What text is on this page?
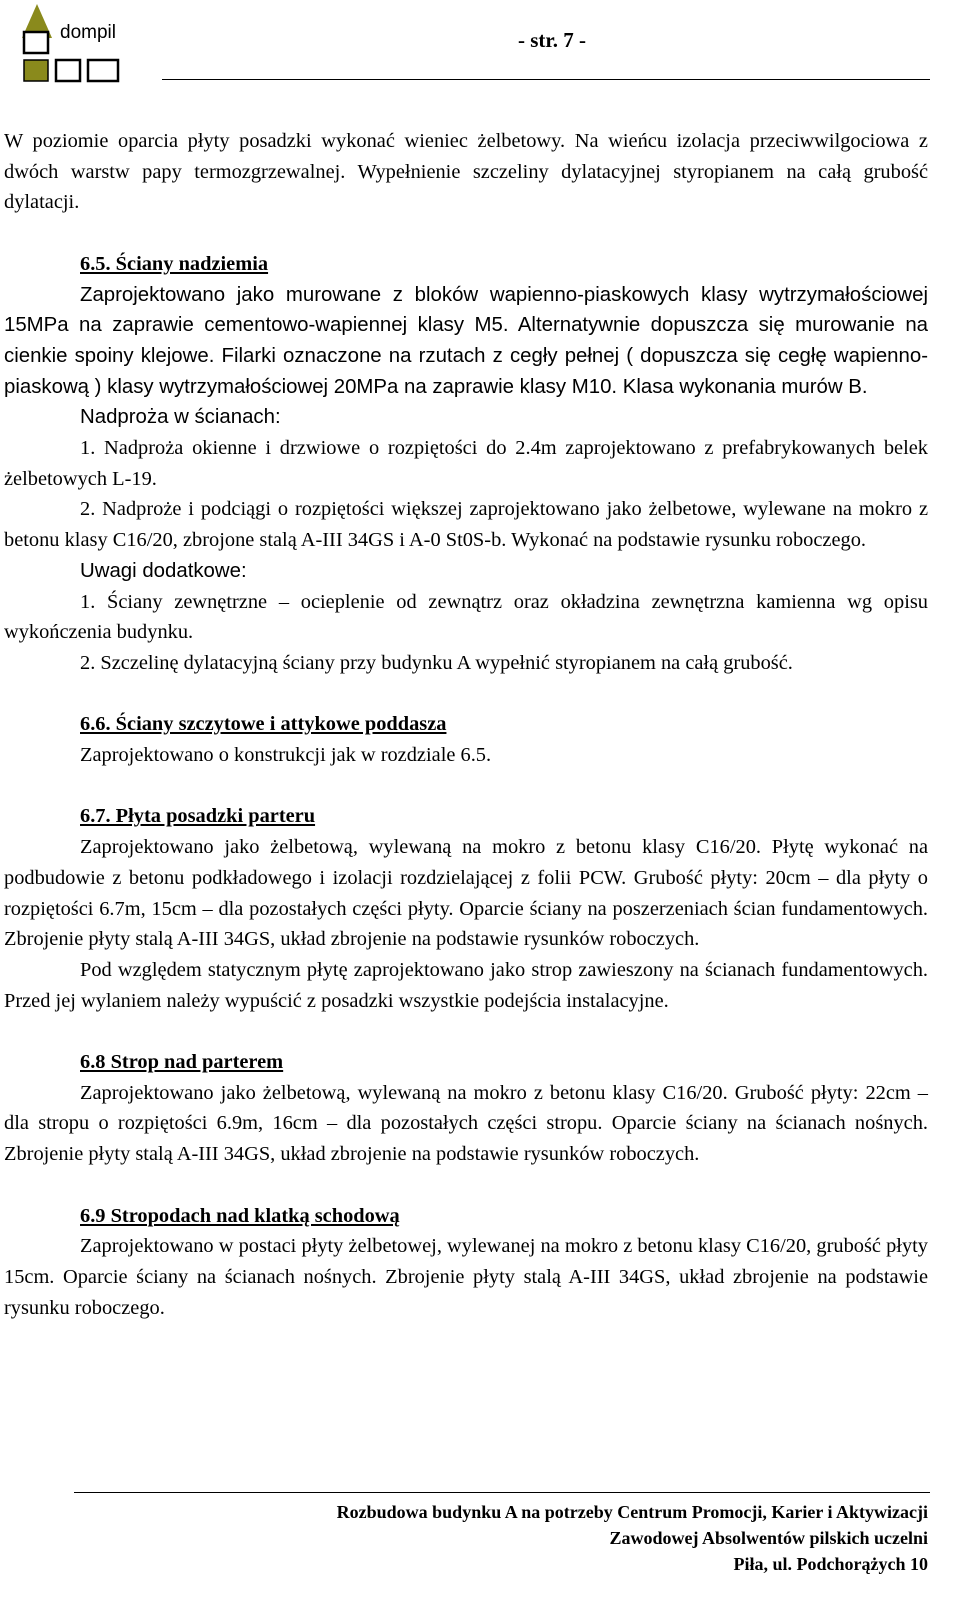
dompil	- str. 7 -

W poziomie oparcia płyty posadzki wykonać wieniec żelbetowy. Na wieńcu izolacja przeciwwilgociowa z dwóch warstw papy termozgrzewalnej. Wypełnienie szczeliny dylatacyjnej styropianem na całą grubość dylatacji.

6.5. Ściany nadziemia

Zaprojektowano jako murowane z bloków wapienno-piaskowych klasy wytrzymałościowej 15MPa na zaprawie cementowo-wapiennej klasy M5. Alternatywnie dopuszcza się murowanie na cienkie spoiny klejowe. Filarki oznaczone na rzutach z cegły pełnej ( dopuszcza się cegłę wapienno-piaskową ) klasy wytrzymałościowej 20MPa na zaprawie klasy M10. Klasa wykonania murów B.

Nadproża w ścianach:

1. Nadproża okienne i drzwiowe o rozpiętości do 2.4m zaprojektowano z prefabrykowanych belek żelbetowych L-19.

2. Nadproże i podciągi o rozpiętości większej zaprojektowano jako żelbetowe, wylewane na mokro z betonu klasy C16/20, zbrojone stalą A-III 34GS i A-0 St0S-b. Wykonać na podstawie rysunku roboczego.

Uwagi dodatkowe:

1. Ściany zewnętrzne – ocieplenie od zewnątrz oraz okładzina zewnętrzna kamienna wg opisu wykończenia budynku.

2. Szczelinę dylatacyjną ściany przy budynku A wypełnić styropianem na całą grubość.

6.6. Ściany szczytowe i attykowe poddasza

Zaprojektowano o konstrukcji jak w rozdziale 6.5.

6.7. Płyta posadzki parteru

Zaprojektowano jako żelbetową, wylewaną na mokro z betonu klasy C16/20. Płytę wykonać na podbudowie z betonu podkładowego i izolacji rozdzielającej z folii PCW. Grubość płyty: 20cm – dla płyty o rozpiętości 6.7m, 15cm – dla pozostałych części płyty. Oparcie ściany na poszerzeniach ścian fundamentowych. Zbrojenie płyty stalą A-III 34GS, układ zbrojenie na podstawie rysunków roboczych.

Pod względem statycznym płytę zaprojektowano jako strop zawieszony na ścianach fundamentowych. Przed jej wylaniem należy wypuścić z posadzki wszystkie podejścia instalacyjne.

6.8 Strop nad parterem

Zaprojektowano jako żelbetową, wylewaną na mokro z betonu klasy C16/20. Grubość płyty: 22cm – dla stropu o rozpiętości 6.9m, 16cm – dla pozostałych części stropu. Oparcie ściany na ścianach nośnych. Zbrojenie płyty stalą A-III 34GS, układ zbrojenie na podstawie rysunków roboczych.

6.9 Stropodach nad klatką schodową

Zaprojektowano w postaci płyty żelbetowej, wylewanej na mokro z betonu klasy C16/20, grubość płyty 15cm. Oparcie ściany na ścianach nośnych. Zbrojenie płyty stalą A-III 34GS, układ zbrojenie na podstawie rysunku roboczego.

Rozbudowa budynku A na potrzeby Centrum Promocji, Karier i Aktywizacji
Zawodowej Absolwentów pilskich uczelni
Piła, ul. Podchorążych 10
